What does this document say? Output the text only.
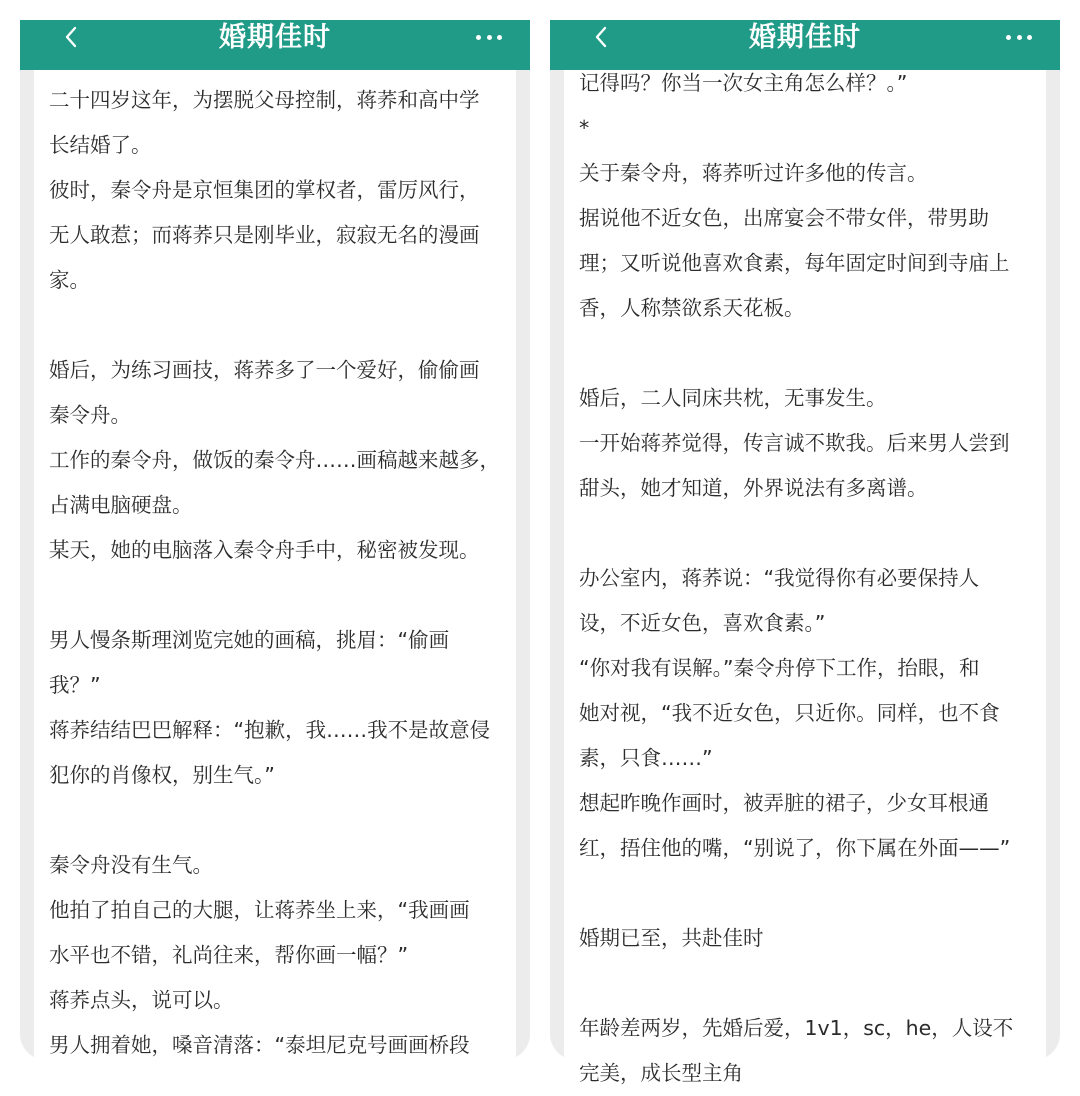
婚期佳时
二十四岁这年，为摆脱父母控制，蒋荞和高中学
长结婚了。
彼时，秦令舟是京恒集团的掌权者，雷厉风行，
无人敢惹；而蒋荞只是刚毕业，寂寂无名的漫画
家。
婚后，为练习画技，蒋荞多了一个爱好，偷偷画
秦令舟。
工作的秦令舟，做饭的秦令舟……画稿越来越多，
占满电脑硬盘。
某天，她的电脑落入秦令舟手中，秘密被发现。
男人慢条斯理浏览完她的画稿，挑眉：“偷画
我？”
蒋荞结结巴巴解释：“抱歉，我……我不是故意侵
犯你的肖像权，别生气。”
秦令舟没有生气。
他拍了拍自己的大腿，让蒋荞坐上来，“我画画
水平也不错，礼尚往来，帮你画一幅？”
蒋荞点头，说可以。
男人拥着她，嗓音清落：“泰坦尼克号画画桥段
婚期佳时
记得吗？你当一次女主角怎么样？。”
*
关于秦令舟，蒋荞听过许多他的传言。
据说他不近女色，出席宴会不带女伴，带男助
理；又听说他喜欢食素，每年固定时间到寺庙上
香，人称禁欲系天花板。
婚后，二人同床共枕，无事发生。
一开始蒋荞觉得，传言诚不欺我。后来男人尝到
甜头，她才知道，外界说法有多离谱。
办公室内，蒋荞说：“我觉得你有必要保持人
设，不近女色，喜欢食素。”
“你对我有误解。”秦令舟停下工作，抬眼，和
她对视，“我不近女色，只近你。同样，也不食
素，只食……”
想起昨晚作画时，被弄脏的裙子，少女耳根通
红，捂住他的嘴，“别说了，你下属在外面——”
婚期已至，共赴佳时
年龄差两岁，先婚后爱，1v1，sc，he，人设不
完美，成长型主角
